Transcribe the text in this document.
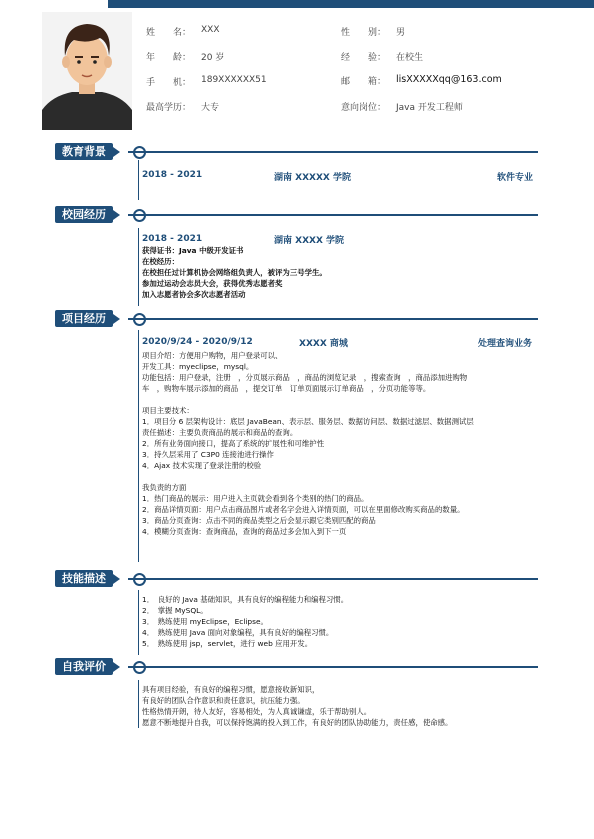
姓　　名： XXX	性　　别： 男
年　　龄： 20 岁	经　　验： 在校生
手　　机： 189XXXXXX51	邮　　箱： lisXXXXXqq@163.com
最高学历： 大专	意向岗位： Java 开发工程师
教育背景
2018 - 2021	湖南 XXXXX 学院	软件专业
校园经历
2018 - 2021	湖南 XXXX 学院
获得证书：Java 中级开发证书
在校经历：
在校担任过计算机协会网络组负责人，被评为三号学生。
参加过运动会志员大会，获得优秀志愿者奖
加入志愿者协会多次志愿者活动
项目经历
2020/9/24 - 2020/9/12	XXXX 商城	处理查询业务
项目介绍：方便用户购物，用户登录可以、
开发工具：myeclipse，mysql。
功能包括：用户登录，注册　，分页展示商品　，商品的浏览记录　，搜索查询　，商品添加进购物
车　，购物车展示添加的商品　，提交订单　订单页面展示订单商品　，分页功能等等。
项目主要技术：
1．项目分 6 层架构设计：底层 JavaBean、表示层、服务层、数据访问层、数据过滤层、数据测试层
责任描述：主要负责商品的展示和商品的查询。
2．所有业务面向接口，提高了系统的扩展性和可维护性
3．持久层采用了 C3P0 连接池进行操作
4．Ajax 技术实现了登录注册的校验
我负责的方面
1．热门商品的展示：用户进入主页就会看到各个类别的热门的商品。
2．商品详情页面：用户点击商品图片或者名字会进入详情页面，可以在里面修改购买商品的数量。
3．商品分页查询：点击不同的商品类型之后会显示跟它类别匹配的商品
4．模糊分页查询：查询商品，查询的商品过多会加入到下一页
技能描述
1．　良好的 Java 基础知识，具有良好的编程能力和编程习惯。
2．　掌握 MySQL。
3．　熟练使用 myEclipse，Eclipse。
4．　熟练使用 Java 面向对象编程，具有良好的编程习惯。
5．　熟练使用 jsp，servlet，进行 web 应用开发。
自我评价
具有项目经验，有良好的编程习惯，愿意接收新知识，
有良好的团队合作意识和责任意识，抗压能力强。
性格热情开朗，待人友好，容易相处，为人真诚谦虚，乐于帮助别人。
愿意不断地提升自我，可以保持饱满的投入到工作，有良好的团队协助能力，责任感，使命感。
